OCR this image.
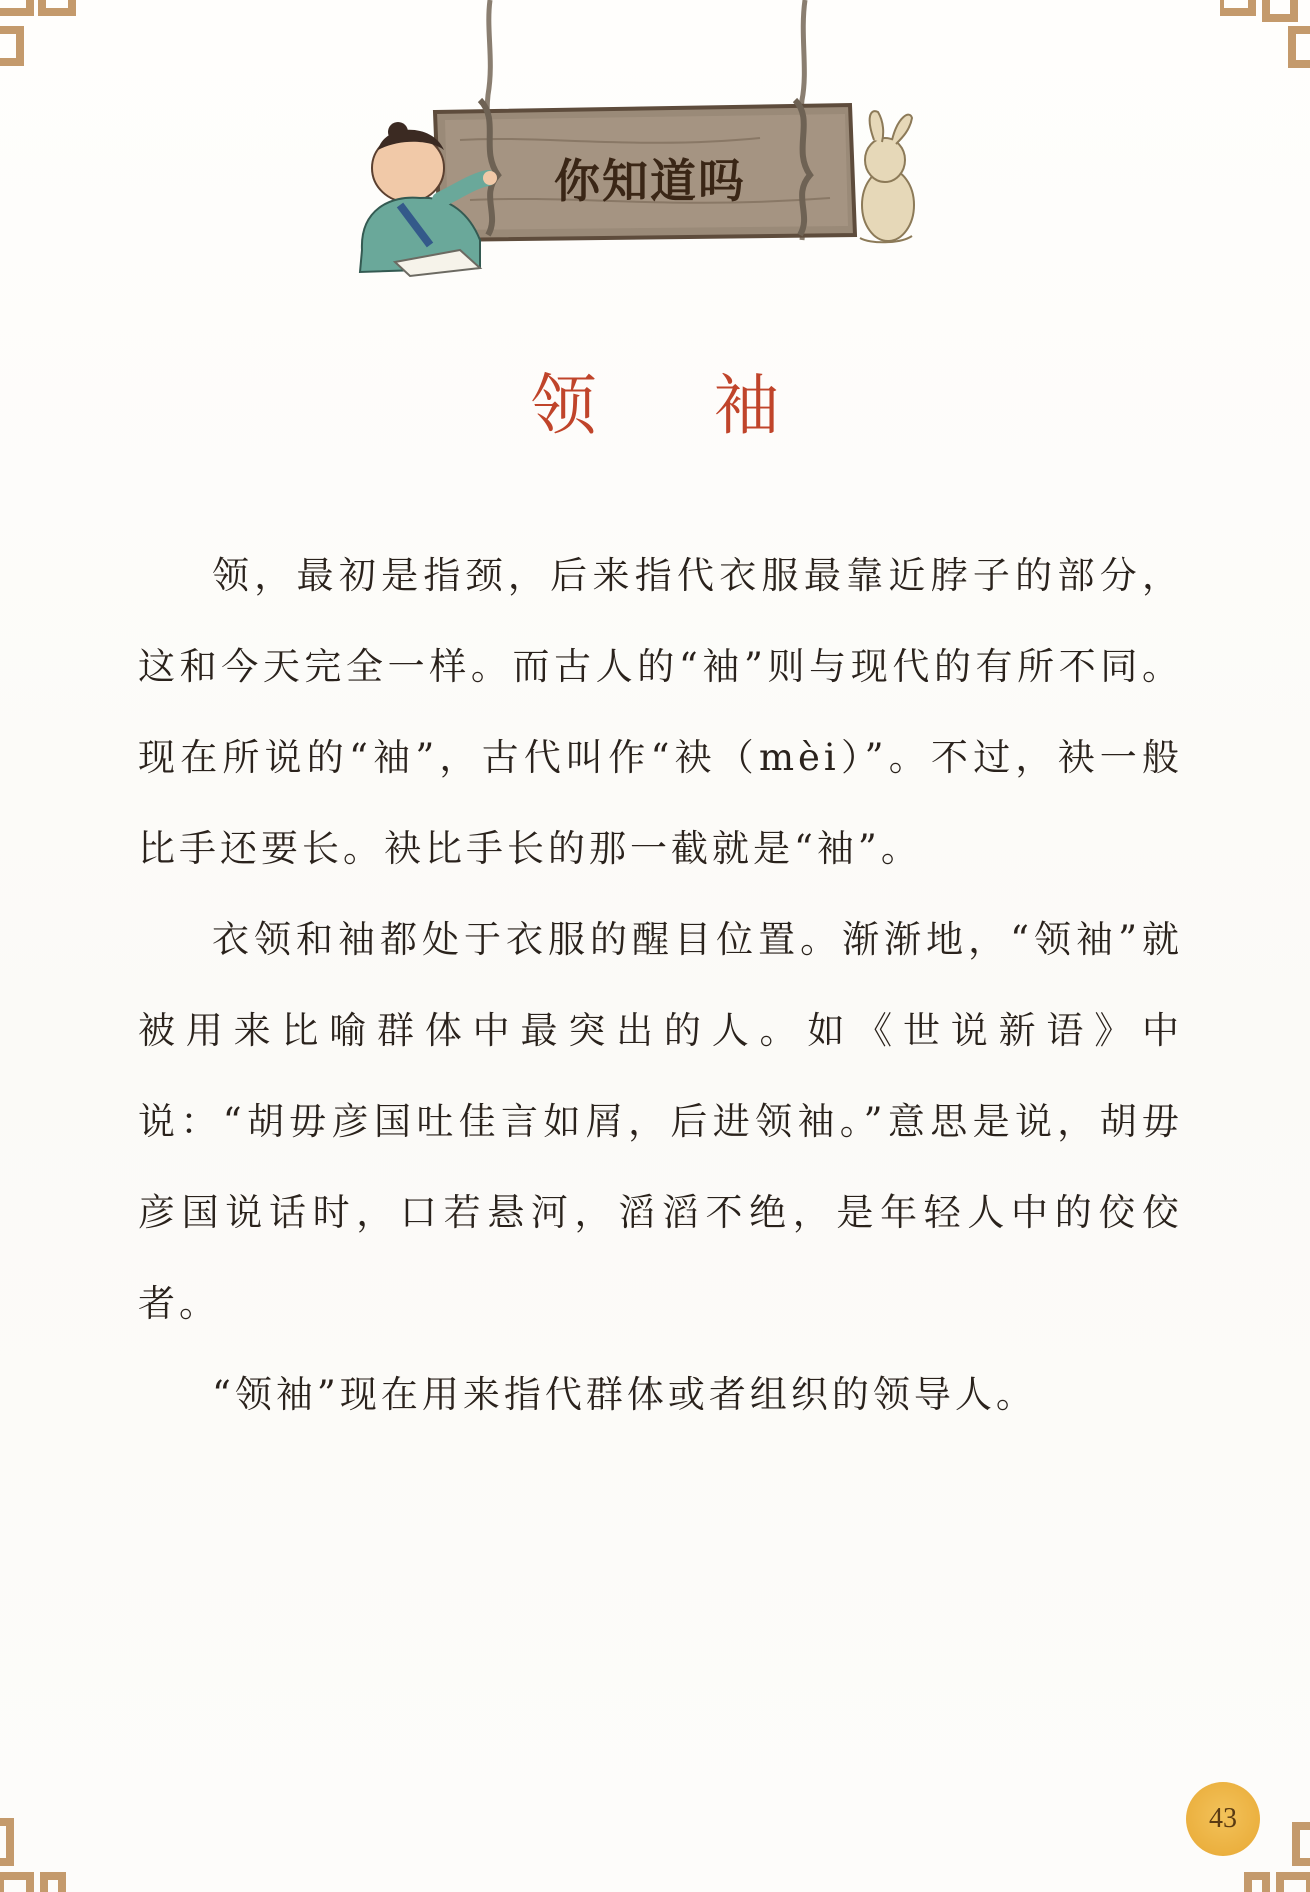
你知道吗
领 袖

领，最初是指颈，后来指代衣服最靠近脖子的部分，这和今天完全一样。而古人的“袖”则与现代的有所不同。现在所说的“袖”，古代叫作“袂（mèi）”。不过，袂一般比手还要长。袂比手长的那一截就是“袖”。

衣领和袖都处于衣服的醒目位置。渐渐地，“领袖”就被用来比喻群体中最突出的人。如《世说新语》中说：“胡毋彦国吐佳言如屑，后进领袖。”意思是说，胡毋彦国说话时，口若悬河，滔滔不绝，是年轻人中的佼佼者。

“领袖”现在用来指代群体或者组织的领导人。

43
